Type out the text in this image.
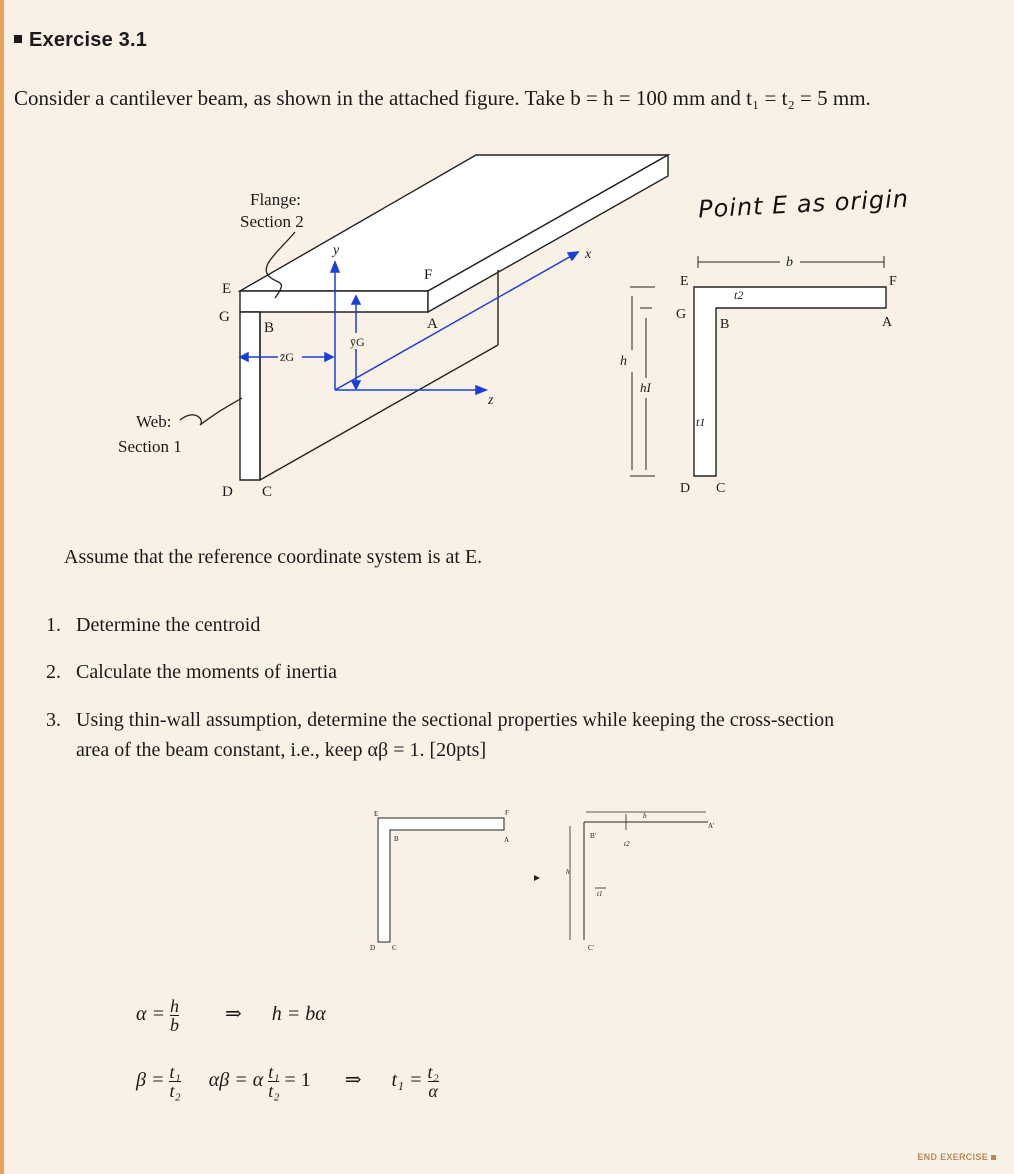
Exercise 3.1
Consider a cantilever beam, as shown in the attached figure. Take b = h = 100 mm and t₁ = t₂ = 5 mm.
z̄G
ȳG
y
z
x
Flange:
Section 2
Web:
Section 1
E
G
B
F
A
D C
b
t2
h
hI
t1
E
G
B
F
A
D C
E
B
F
A
D C
B'
A'
C'
b
t2
h
t1
Point E as origin
Assume that the reference coordinate system is at E.
1. Determine the centroid
2. Calculate the moments of inertia
3. Using thin-wall assumption, determine the sectional properties while keeping the cross-section
area of the beam constant, i.e., keep αβ = 1. [20pts]
$\alpha = \frac{h}{b}$ ⇒ h = bα
$\beta = \frac{\text{t₁}}{\text{t₂}}$ αβ = α $\frac{\text{t₁}}{\text{t₂}} = 1$ ⇒ $t_1 = \frac{\text{t₂}}{\alpha}$
END EXERCISE
